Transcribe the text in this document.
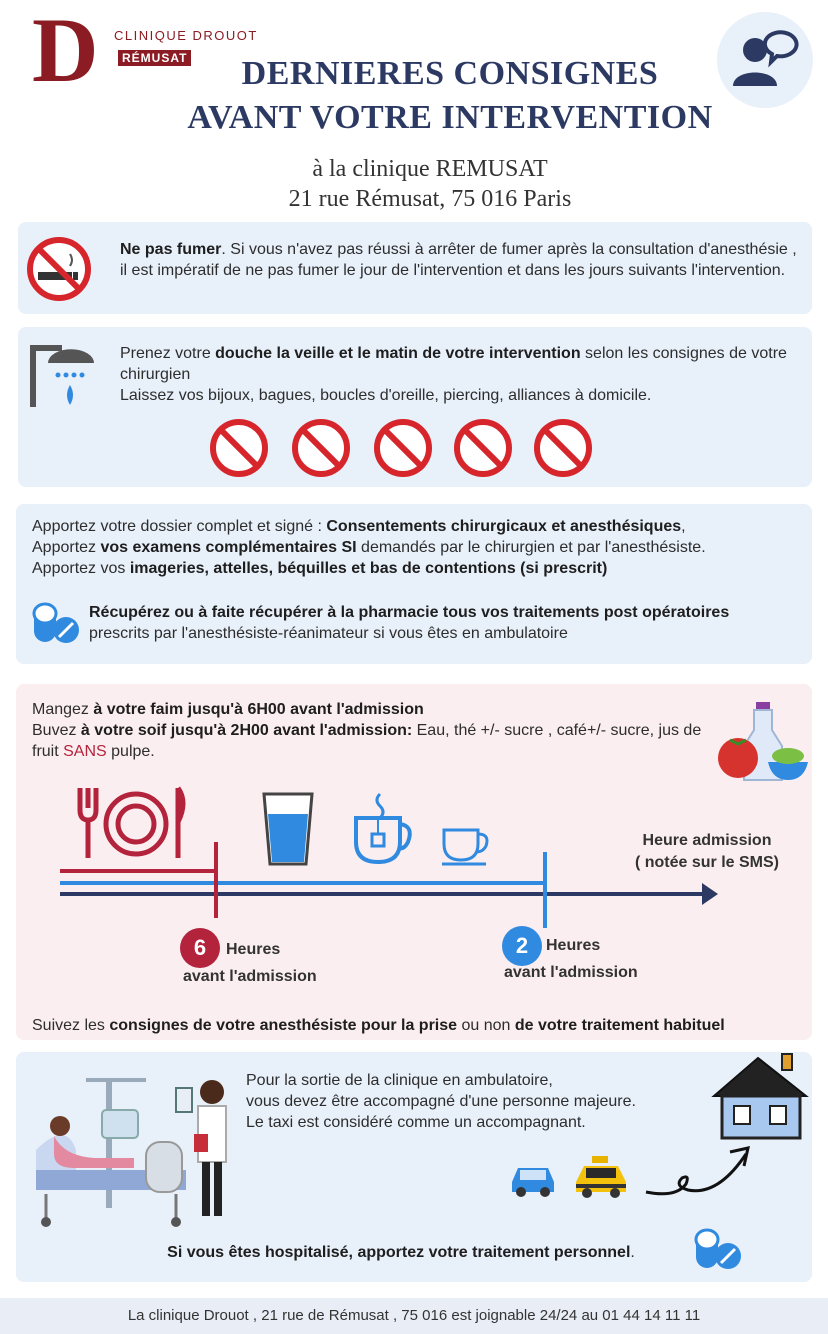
D CLINIQUE DROUOT
RÉMUSAT	DERNIERES CONSIGNES
AVANT VOTRE INTERVENTION
à la clinique REMUSAT
21 rue Rémusat, 75 016 Paris
Ne pas fumer. Si vous n'avez pas réussi à arrêter de fumer après la consultation d'anesthésie , il est impératif de ne pas fumer le jour de l'intervention et dans les jours suivants l'intervention.
Prenez votre douche la veille et le matin de votre intervention selon les consignes de votre chirurgien
Laissez vos bijoux, bagues, boucles d'oreille, piercing, alliances à domicile.
Apportez votre dossier complet et signé : Consentements chirurgicaux et anesthésiques,
Apportez vos examens complémentaires SI demandés par le chirurgien et par l'anesthésiste.
Apportez vos imageries, attelles, béquilles et bas de contentions (si prescrit)
Récupérez ou à faite récupérer à la pharmacie tous vos traitements post opératoires
prescrits par l'anesthésiste-réanimateur si vous êtes en ambulatoire
Mangez à votre faim jusqu'à 6H00 avant l'admission
Buvez à votre soif jusqu'à 2H00 avant l'admission: Eau, thé +/- sucre , café+/- sucre, jus de fruit SANS pulpe.
Heure admission
( notée sur le SMS)
6	Heures
avant l'admission
2	Heures
avant l'admission
Suivez les consignes de votre anesthésiste pour la prise ou non de votre traitement habituel
Pour la sortie de la clinique en ambulatoire,
vous devez être accompagné d'une personne majeure.
Le taxi est considéré comme un accompagnant.
Si vous êtes hospitalisé, apportez votre traitement personnel.
La clinique Drouot , 21 rue de Rémusat , 75 016 est joignable 24/24 au 01 44 14 11 11
